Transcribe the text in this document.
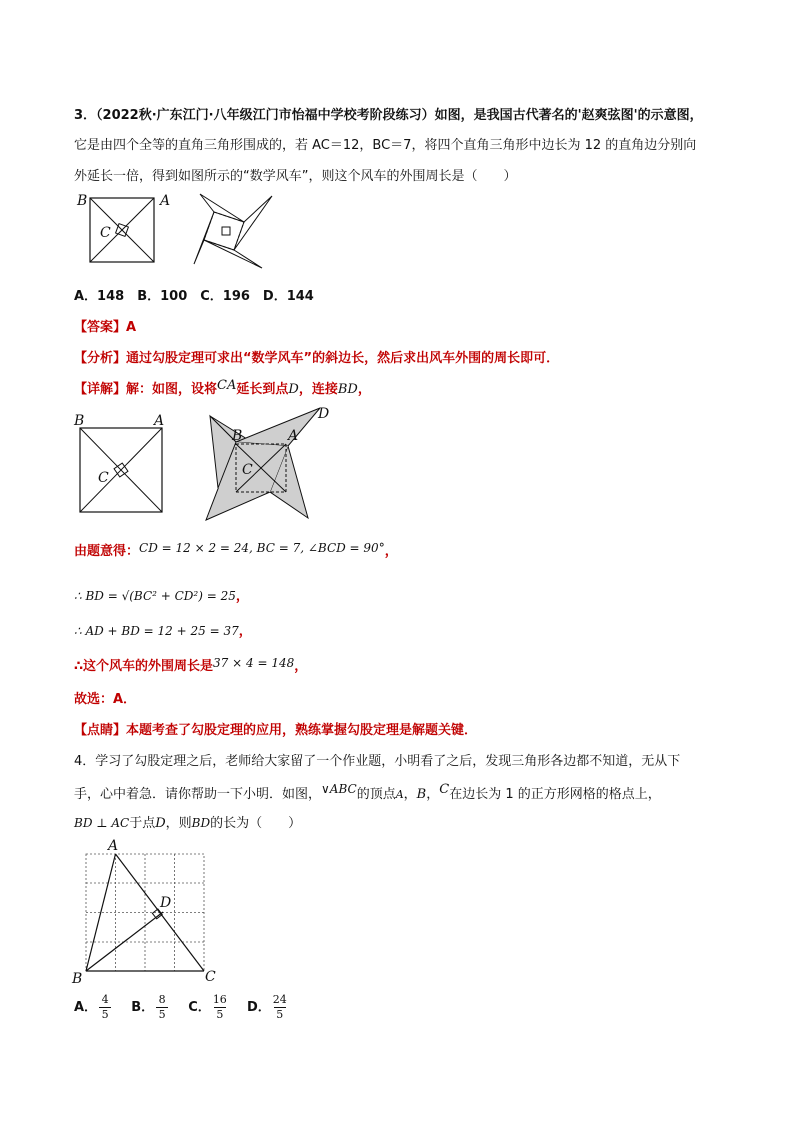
3．（2022秋·广东江门·八年级江门市怡福中学校考阶段练习）如图，是我国古代著名的'赵爽弦图'的示意图，
它是由四个全等的直角三角形围成的，若 AC＝12，BC＝7，将四个直角三角形中边长为 12 的直角边分别向
外延长一倍，得到如图所示的“数学风车”，则这个风车的外围周长是（　　）
B	A
C
A．148　B．100　C．196　D．144
【答案】A
【分析】通过勾股定理可求出“数学风车”的斜边长，然后求出风车外围的周长即可．
【详解】解：如图，设将CA延长到点D，连接BD，
B	A
C
B	A
C
D
由题意得：CD = 12 × 2 = 24, BC = 7, ∠BCD = 90°，
∴ BD = √(BC² + CD²) = 25，
∴ AD + BD = 12 + 25 = 37，
∴这个风车的外围周长是37 × 4 = 148，
故选：A．
【点睛】本题考查了勾股定理的应用，熟练掌握勾股定理是解题关键．
4．学习了勾股定理之后，老师给大家留了一个作业题，小明看了之后，发现三角形各边都不知道，无从下
手，心中着急．请你帮助一下小明．如图，∨ABC的顶点A，B，C在边长为 1 的正方形网格的格点上，
BD ⊥ AC于点D，则BD的长为（　　）
A
B	C
D
A． $\frac{4}{5}$ B． $\frac{8}{5}$ C． $\frac{16}{5}$ D． $\frac{24}{5}$
